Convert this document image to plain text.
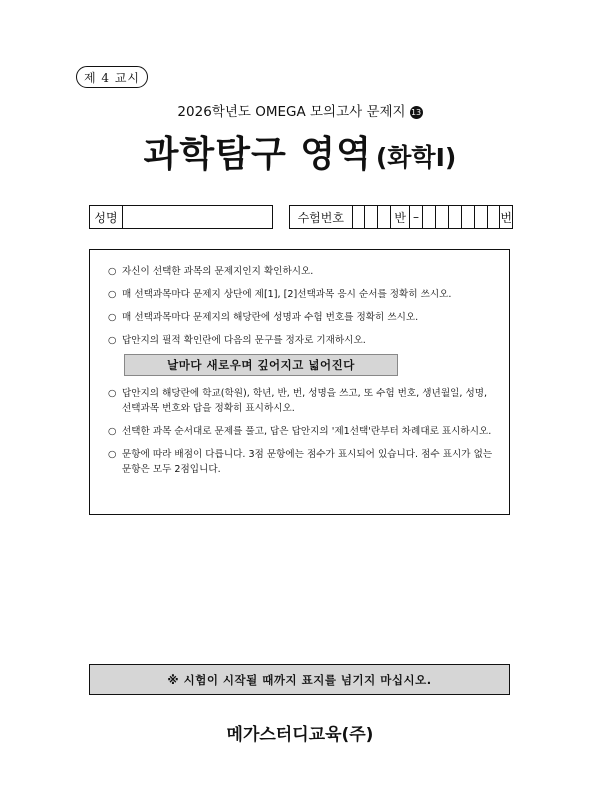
제 4 교시
2026학년도 OMEGA 모의고사 문제지 13
과학탐구 영역 (화학Ⅰ)
성명	수험번호	반 –	번
○ 자신이 선택한 과목의 문제지인지 확인하시오.
○ 매 선택과목마다 문제지 상단에 제[1], [2]선택과목 응시 순서를 정확히 쓰시오.
○ 매 선택과목마다 문제지의 해당란에 성명과 수험 번호를 정확히 쓰시오.
○ 답안지의 필적 확인란에 다음의 문구를 정자로 기재하시오.
날마다 새로우며 깊어지고 넓어진다
○ 답안지의 해당란에 학교(학원), 학년, 반, 번, 성명을 쓰고, 또 수험 번호, 생년월일, 성명, 선택과목 번호와 답을 정확히 표시하시오.
○ 선택한 과목 순서대로 문제를 풀고, 답은 답안지의 '제1선택'란부터 차례대로 표시하시오.
○ 문항에 따라 배점이 다릅니다. 3점 문항에는 점수가 표시되어 있습니다. 점수 표시가 없는 문항은 모두 2점입니다.
※ 시험이 시작될 때까지 표지를 넘기지 마십시오.
메가스터디교육(주)
